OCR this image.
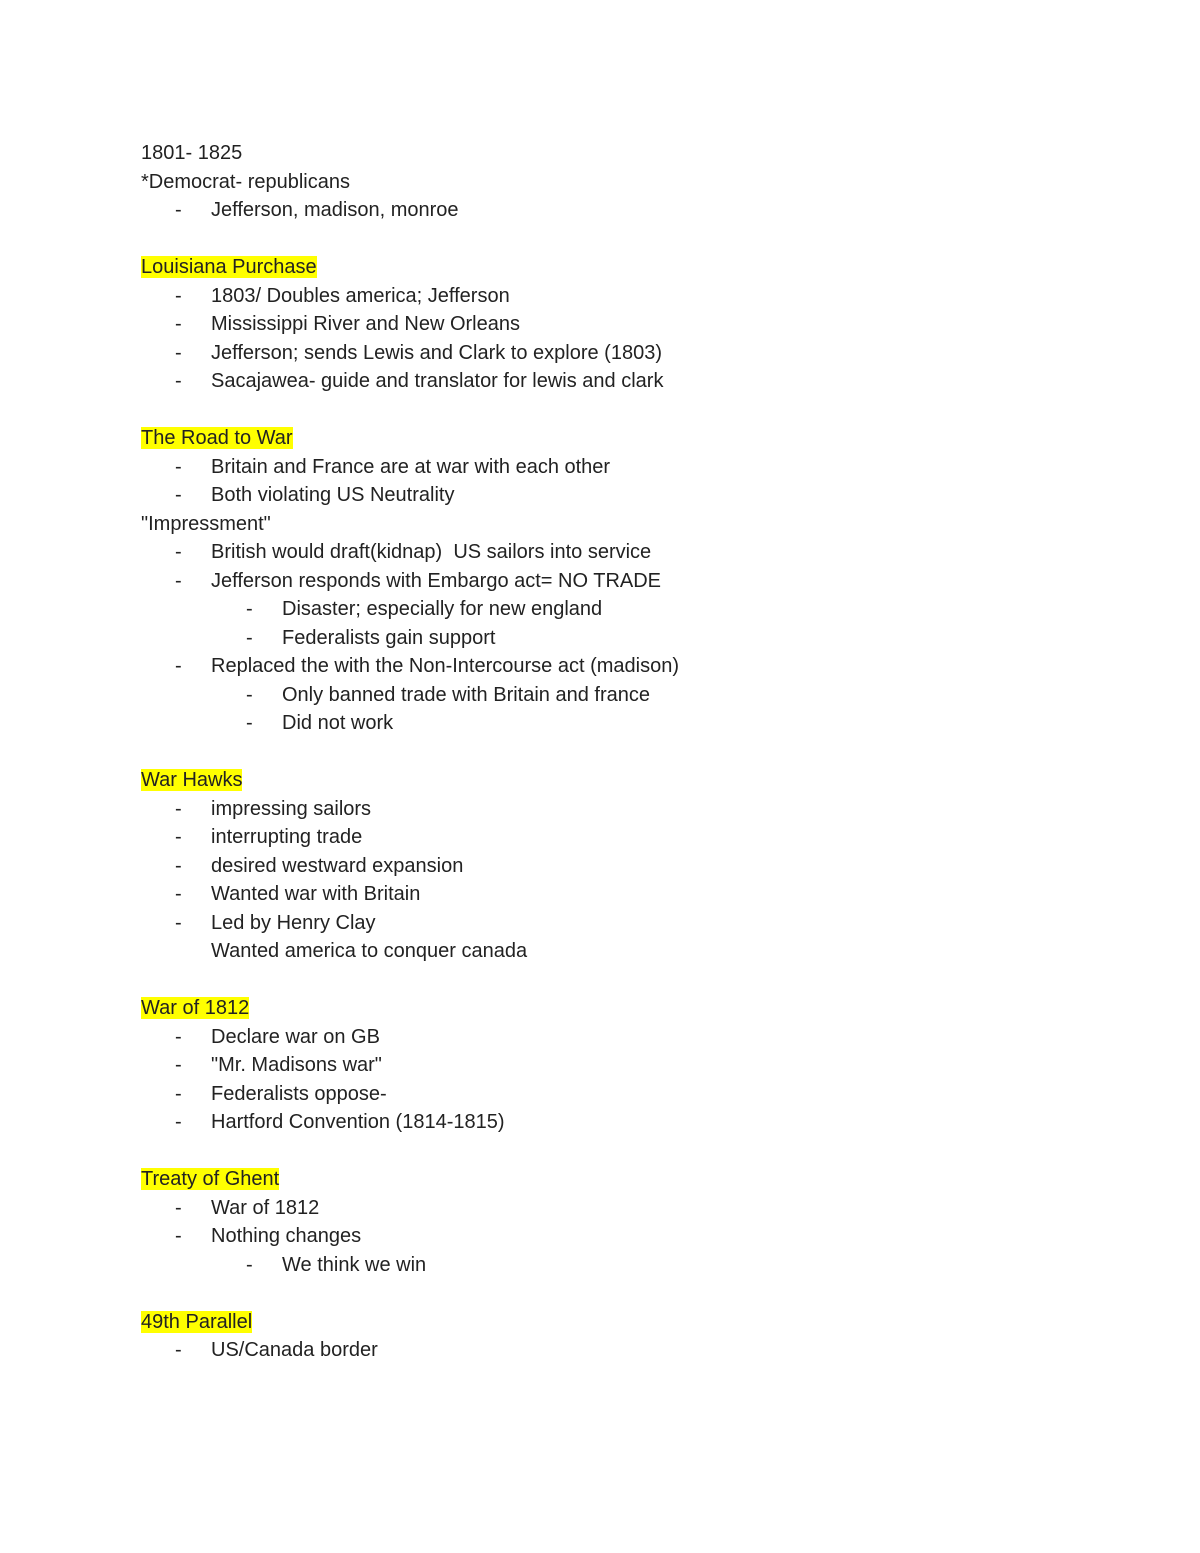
1801- 1825
*Democrat- republicans
- Jefferson, madison, monroe
Louisiana Purchase
- 1803/ Doubles america; Jefferson
- Mississippi River and New Orleans
- Jefferson; sends Lewis and Clark to explore (1803)
- Sacajawea- guide and translator for lewis and clark
The Road to War
- Britain and France are at war with each other
- Both violating US Neutrality
"Impressment"
- British would draft(kidnap)  US sailors into service
- Jefferson responds with Embargo act= NO TRADE
- Disaster; especially for new england
- Federalists gain support
- Replaced the with the Non-Intercourse act (madison)
- Only banned trade with Britain and france
- Did not work
War Hawks
- impressing sailors
- interrupting trade
- desired westward expansion
- Wanted war with Britain
- Led by Henry Clay
Wanted america to conquer canada
War of 1812
- Declare war on GB
- "Mr. Madisons war"
- Federalists oppose-
- Hartford Convention (1814-1815)
Treaty of Ghent
- War of 1812
- Nothing changes
- We think we win
49th Parallel
- US/Canada border
